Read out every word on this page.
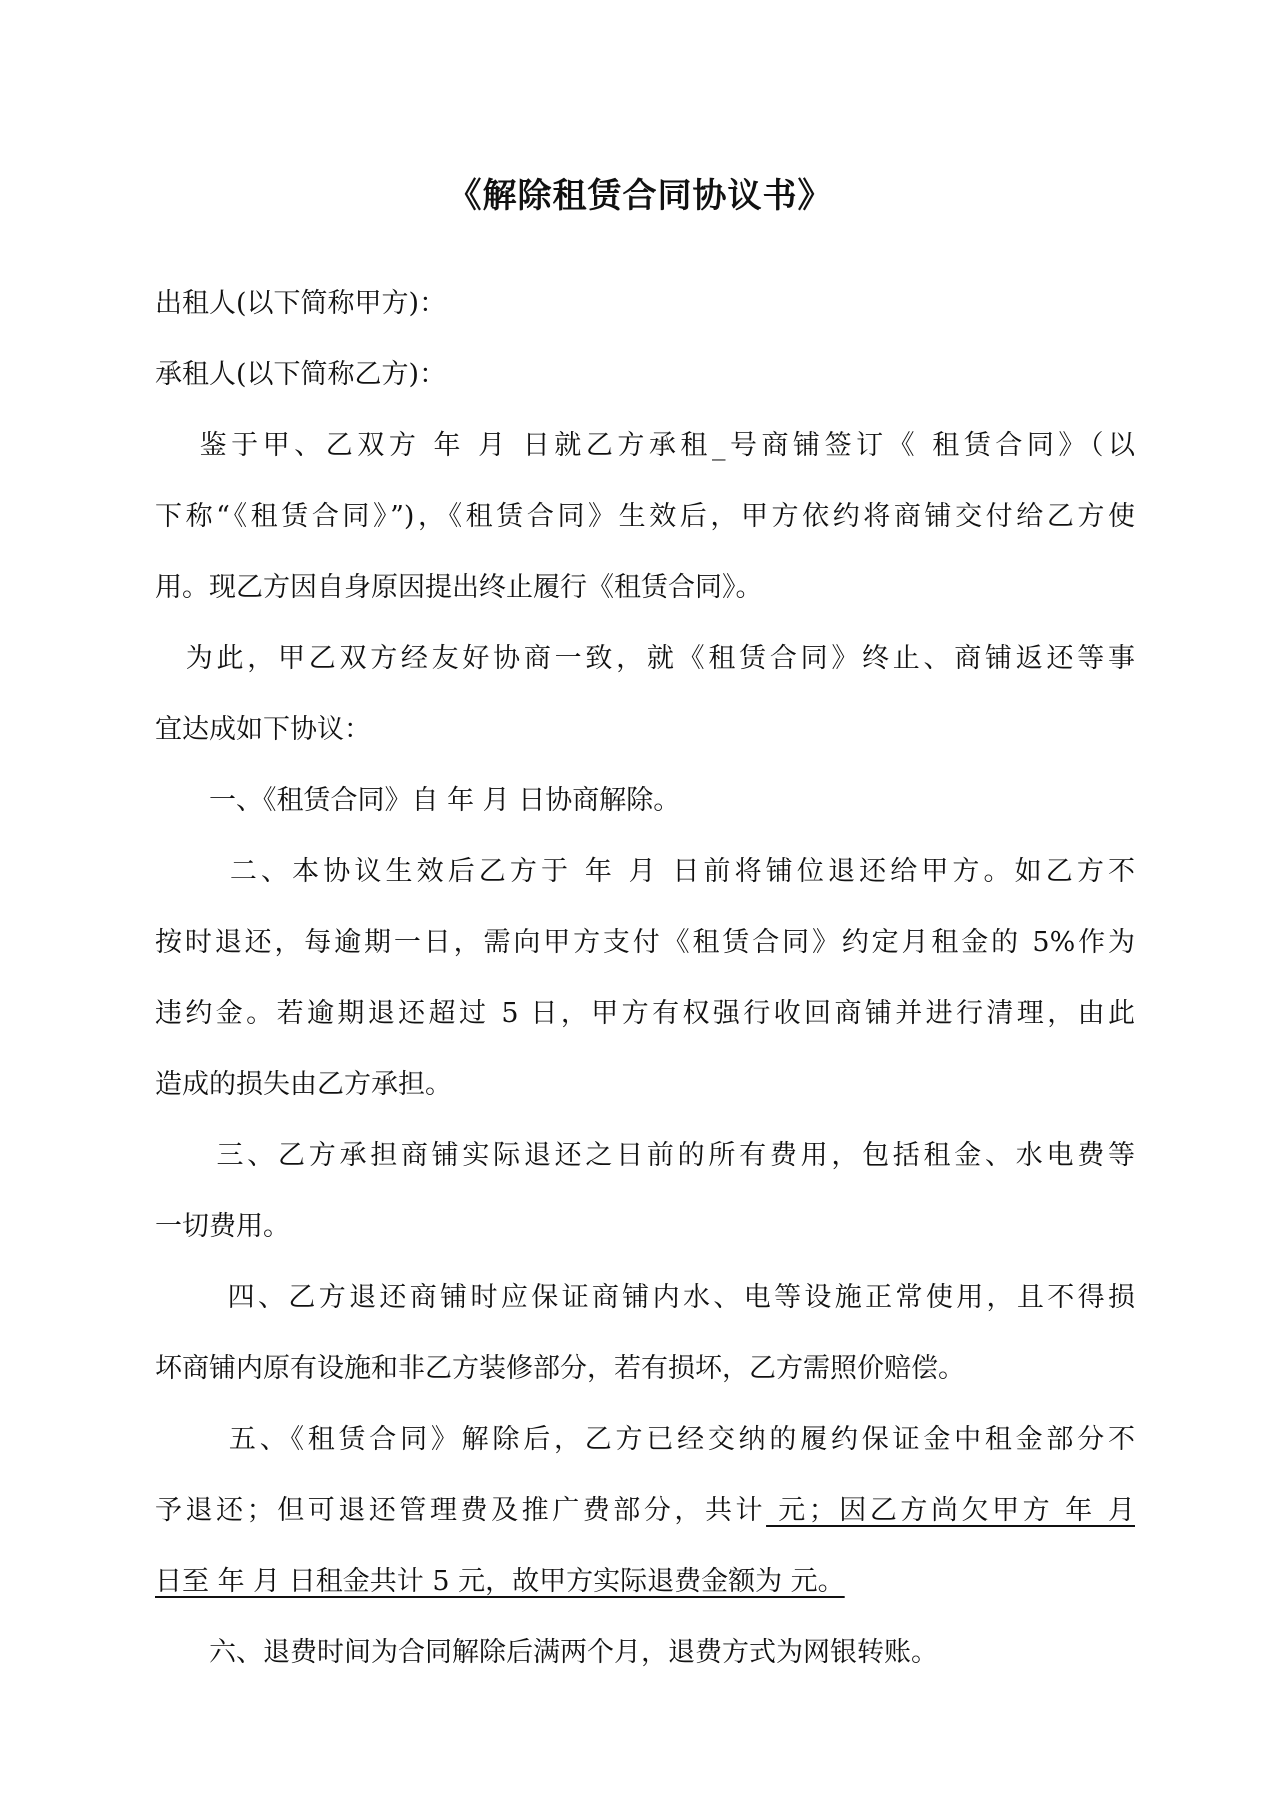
《解除租赁合同协议书》
出租人(以下简称甲方)：
承租人(以下简称乙方)：
　 鉴于甲、乙双方 年 月 日就乙方承租_号商铺签订《 租赁合同》（以
下称“《租赁合同》”)，《租赁合同》生效后，甲方依约将商铺交付给乙方使
用。现乙方因自身原因提出终止履行《租赁合同》。
　为此，甲乙双方经友好协商一致，就《租赁合同》终止、商铺返还等事
宜达成如下协议：
　　一、《租赁合同》自 年 月 日协商解除。
　　 二、本协议生效后乙方于 年 月 日前将铺位退还给甲方。如乙方不
按时退还，每逾期一日，需向甲方支付《租赁合同》约定月租金的 5%作为
违约金。若逾期退还超过 5 日，甲方有权强行收回商铺并进行清理，由此
造成的损失由乙方承担。
　　三、乙方承担商铺实际退还之日前的所有费用，包括租金、水电费等
一切费用。
　　 四、乙方退还商铺时应保证商铺内水、电等设施正常使用，且不得损
坏商铺内原有设施和非乙方装修部分，若有损坏，乙方需照价赔偿。
　　 五、《租赁合同》解除后，乙方已经交纳的履约保证金中租金部分不
予退还；但可退还管理费及推广费部分，共计 元；因乙方尚欠甲方 年 月
日至 年 月 日租金共计 5 元，故甲方实际退费金额为 元。
　　六、退费时间为合同解除后满两个月，退费方式为网银转账。
